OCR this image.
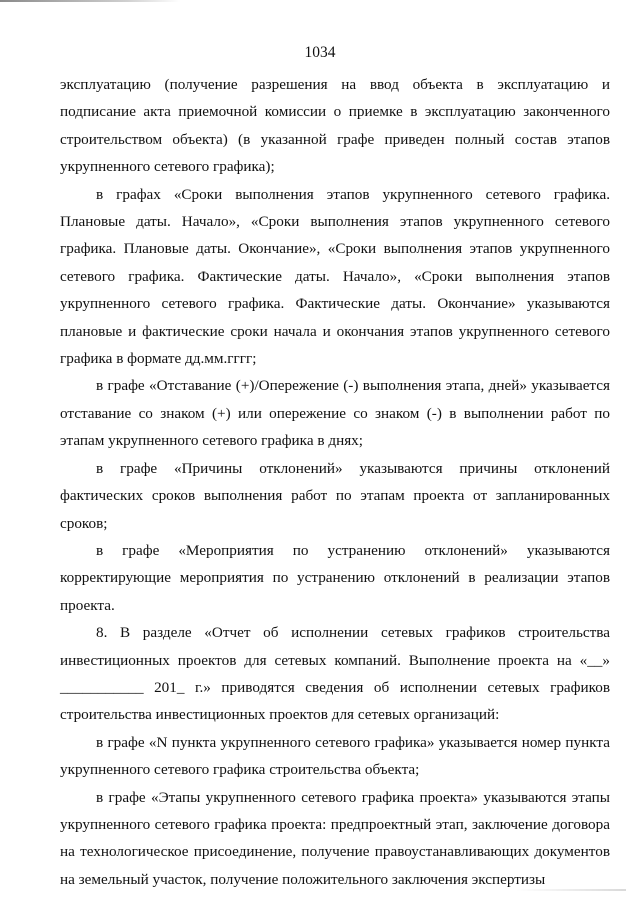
1034

эксплуатацию (получение разрешения на ввод объекта в эксплуатацию и подписание акта приемочной комиссии о приемке в эксплуатацию законченного строительством объекта) (в указанной графе приведен полный состав этапов укрупненного сетевого графика);

в графах «Сроки выполнения этапов укрупненного сетевого графика. Плановые даты. Начало», «Сроки выполнения этапов укрупненного сетевого графика. Плановые даты. Окончание», «Сроки выполнения этапов укрупненного сетевого графика. Фактические даты. Начало», «Сроки выполнения этапов укрупненного сетевого графика. Фактические даты. Окончание» указываются плановые и фактические сроки начала и окончания этапов укрупненного сетевого графика в формате дд.мм.гггг;

в графе «Отставание (+)/Опережение (-) выполнения этапа, дней» указывается отставание со знаком (+) или опережение со знаком (-) в выполнении работ по этапам укрупненного сетевого графика в днях;

в графе «Причины отклонений» указываются причины отклонений фактических сроков выполнения работ по этапам проекта от запланированных сроков;

в графе «Мероприятия по устранению отклонений» указываются корректирующие мероприятия по устранению отклонений в реализации этапов проекта.

8. В разделе «Отчет об исполнении сетевых графиков строительства инвестиционных проектов для сетевых компаний. Выполнение проекта на «__» ___________ 201_ г.» приводятся сведения об исполнении сетевых графиков строительства инвестиционных проектов для сетевых организаций:

в графе «N пункта укрупненного сетевого графика» указывается номер пункта укрупненного сетевого графика строительства объекта;

в графе «Этапы укрупненного сетевого графика проекта» указываются этапы укрупненного сетевого графика проекта: предпроектный этап, заключение договора на технологическое присоединение, получение правоустанавливающих документов на земельный участок, получение положительного заключения экспертизы
